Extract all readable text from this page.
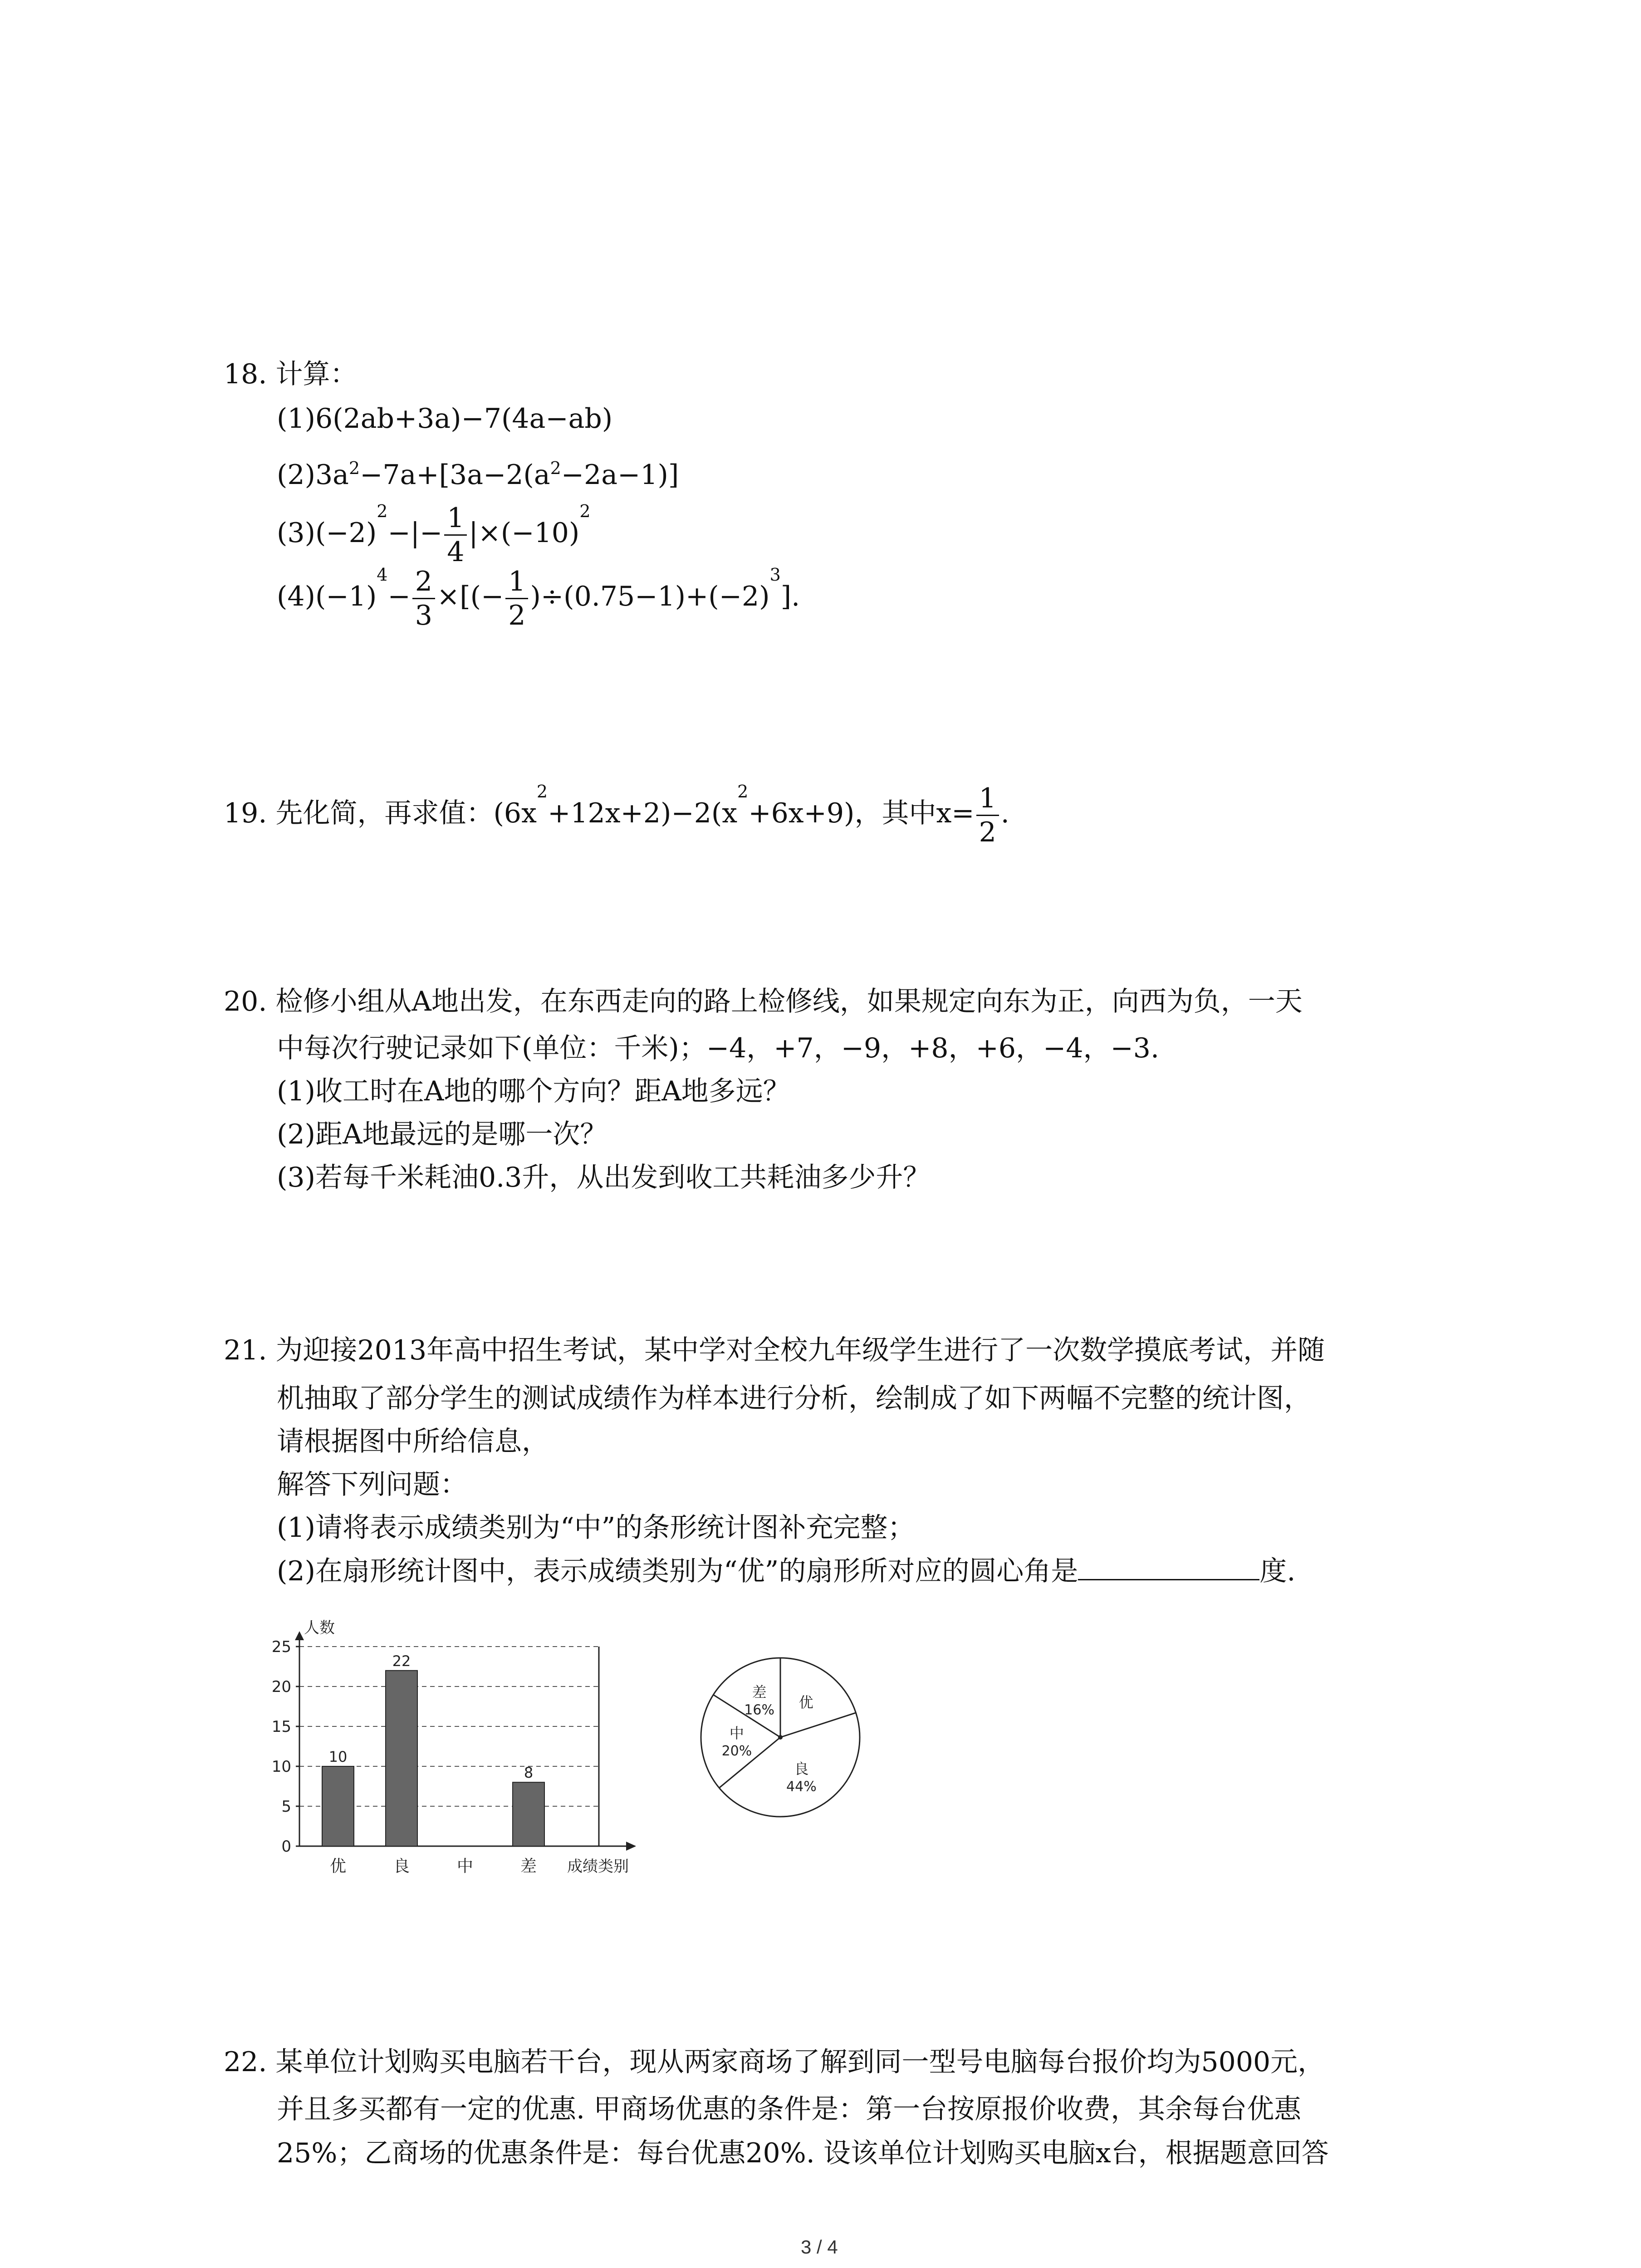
18. 计算：
(1)6(2ab+3a)−7(4a−ab)
$(2)3a^2-7a+[3a-2(a^2-2a-1)]$
$(3)(-2)^2-|- \frac{1}{4} |\times(-10)^2$
$(4)(-1)^4- \frac{2}{3}$ ×[(− $\frac{1}{2} )\div(0.75-1)+(-2)^3$].
19. 先化简，再求值：$(6x^2+12x+2)-2(x^2+6x+9)$，其中$x= \frac{1}{2}$ .
20. 检修小组从A地出发，在东西走向的路上检修线，如果规定向东为正，向西为负，一天
中每次行驶记录如下(单位：千米)；−4，+7，−9，+8，+6，−4，−3.
(1)收工时在A地的哪个方向？距A地多远？
(2)距A地最远的是哪一次？
(3)若每千米耗油0.3升，从出发到收工共耗油多少升？
21. 为迎接2013年高中招生考试，某中学对全校九年级学生进行了一次数学摸底考试，并随
机抽取了部分学生的测试成绩作为样本进行分析，绘制成了如下两幅不完整的统计图，
请根据图中所给信息，
解答下列问题：
(1)请将表示成绩类别为“中”的条形统计图补充完整；
(2)在扇形统计图中，表示成绩类别为“优”的扇形所对应的圆心角是	度.
0
5
10
15
20
25
人数
成绩类别
优
10
良
22
中	差
8
差
16% 优
良
44%
中
20%
22. 某单位计划购买电脑若干台，现从两家商场了解到同一型号电脑每台报价均为5000元，
并且多买都有一定的优惠. 甲商场优惠的条件是：第一台按原报价收费，其余每台优惠
25%；乙商场的优惠条件是：每台优惠20%. 设该单位计划购买电脑x台，根据题意回答
3 / 4
